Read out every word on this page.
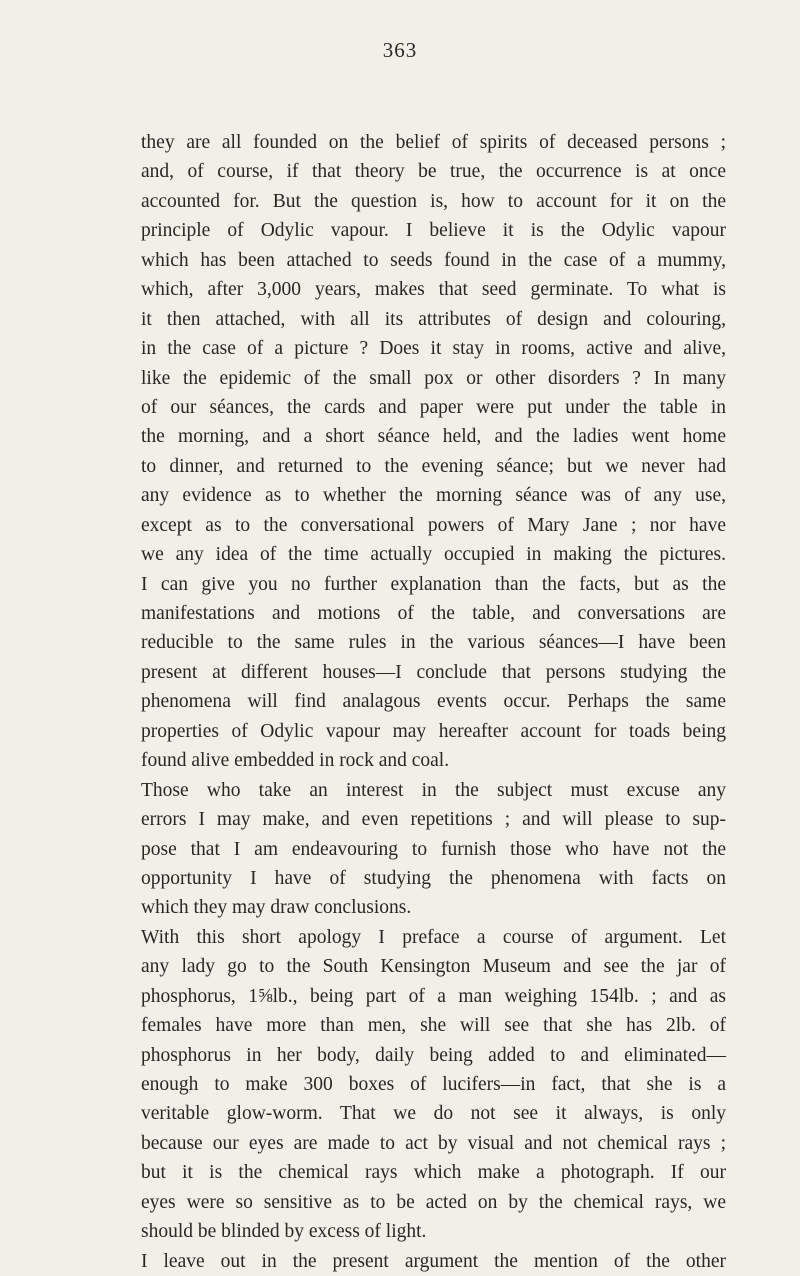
363
they are all founded on the belief of spirits of deceased persons ;
and, of course, if that theory be true, the occurrence is at once
accounted for. But the question is, how to account for it on the
principle of Odylic vapour. I believe it is the Odylic vapour
which has been attached to seeds found in the case of a mummy,
which, after 3,000 years, makes that seed germinate. To what is
it then attached, with all its attributes of design and colouring,
in the case of a picture ? Does it stay in rooms, active and alive,
like the epidemic of the small pox or other disorders ? In many
of our séances, the cards and paper were put under the table in
the morning, and a short séance held, and the ladies went home
to dinner, and returned to the evening séance; but we never had
any evidence as to whether the morning séance was of any use,
except as to the conversational powers of Mary Jane ; nor have
we any idea of the time actually occupied in making the pictures.
I can give you no further explanation than the facts, but as the
manifestations and motions of the table, and conversations are
reducible to the same rules in the various séances—I have been
present at different houses—I conclude that persons studying the
phenomena will find analagous events occur. Perhaps the same
properties of Odylic vapour may hereafter account for toads being
found alive embedded in rock and coal.
Those who take an interest in the subject must excuse any
errors I may make, and even repetitions ; and will please to sup-
pose that I am endeavouring to furnish those who have not the
opportunity I have of studying the phenomena with facts on
which they may draw conclusions.
With this short apology I preface a course of argument. Let
any lady go to the South Kensington Museum and see the jar of
phosphorus, 1⅝lb., being part of a man weighing 154lb. ; and as
females have more than men, she will see that she has 2lb. of
phosphorus in her body, daily being added to and eliminated—
enough to make 300 boxes of lucifers—in fact, that she is a
veritable glow-worm. That we do not see it always, is only
because our eyes are made to act by visual and not chemical rays ;
but it is the chemical rays which make a photograph. If our
eyes were so sensitive as to be acted on by the chemical rays, we
should be blinded by excess of light.
I leave out in the present argument the mention of the other
